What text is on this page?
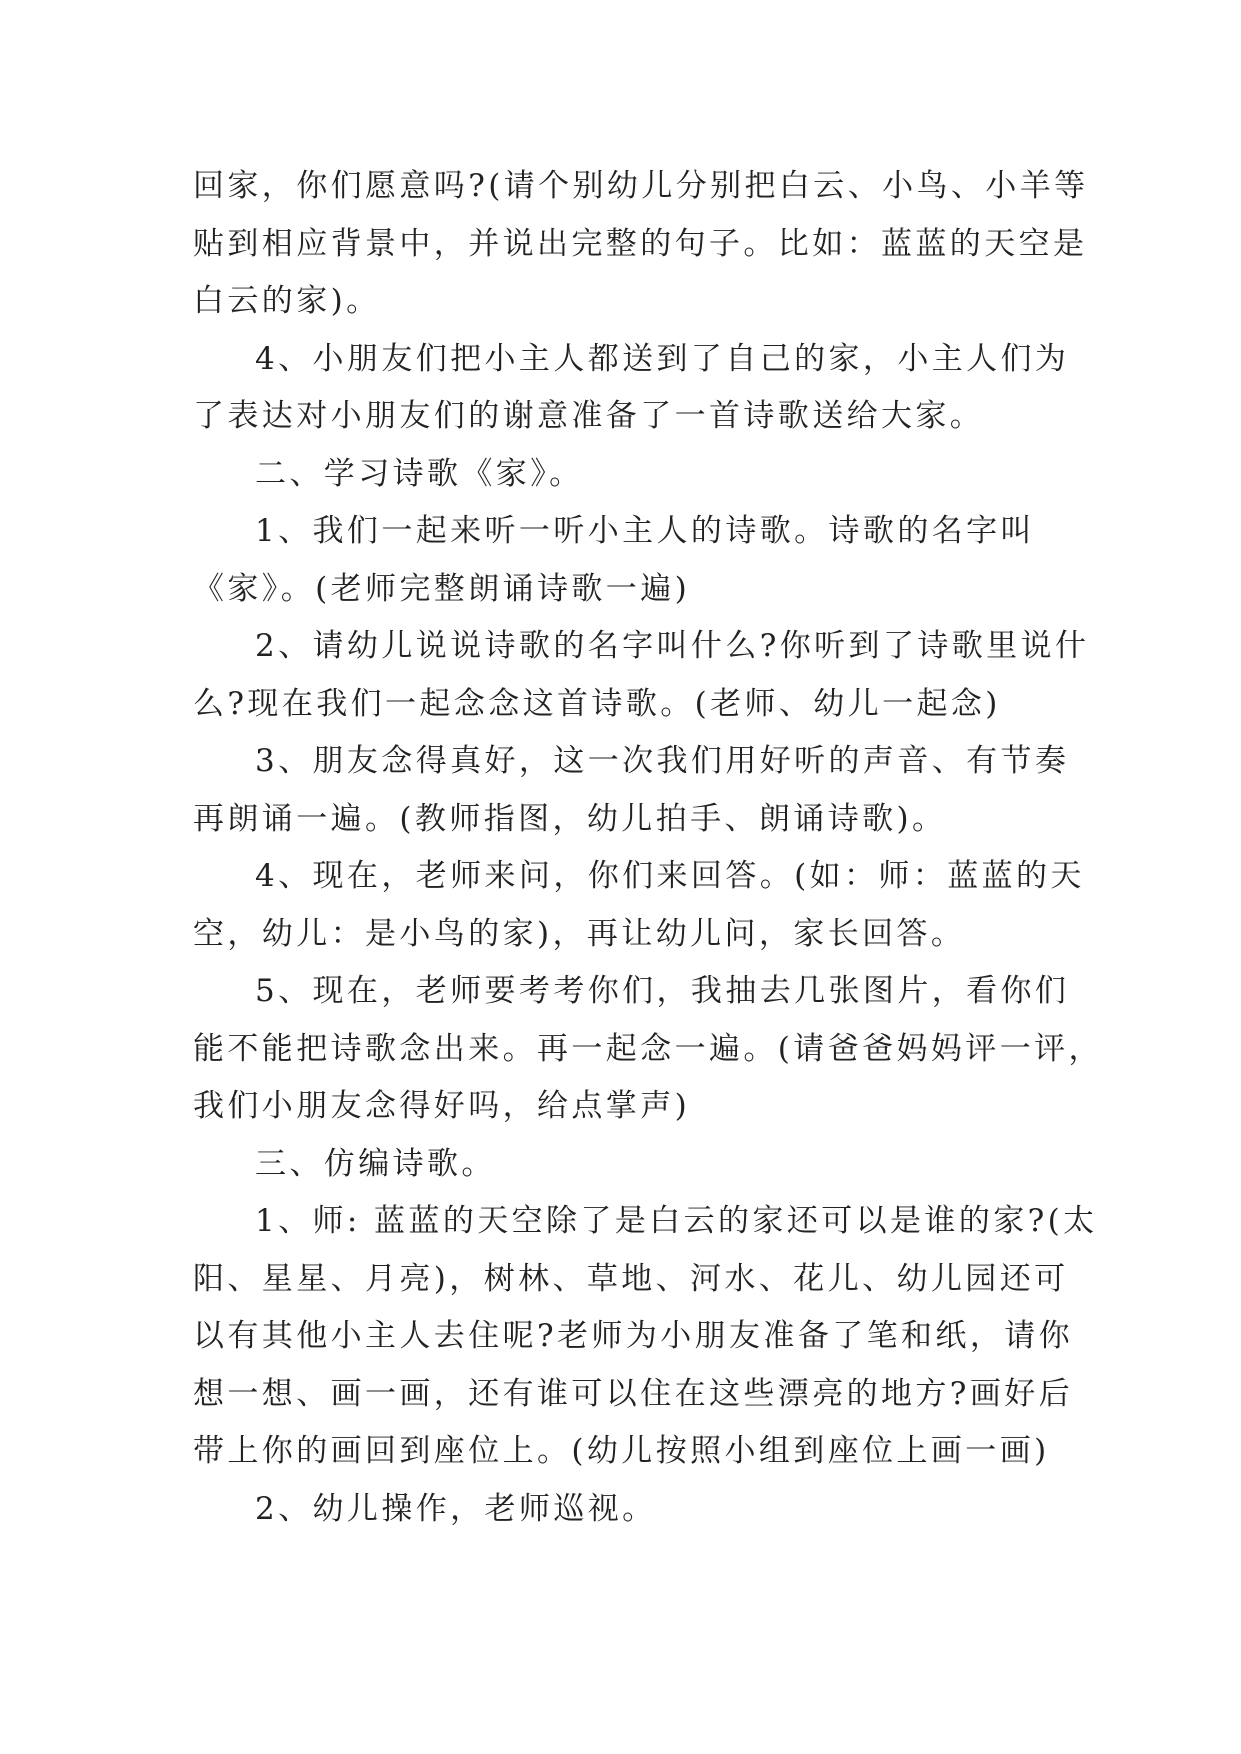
回家，你们愿意吗?(请个别幼儿分别把白云、小鸟、小羊等
贴到相应背景中，并说出完整的句子。比如：蓝蓝的天空是
白云的家)。
4、小朋友们把小主人都送到了自己的家，小主人们为
了表达对小朋友们的谢意准备了一首诗歌送给大家。
二、学习诗歌《家》。
1、我们一起来听一听小主人的诗歌。诗歌的名字叫
《家》。(老师完整朗诵诗歌一遍)
2、请幼儿说说诗歌的名字叫什么?你听到了诗歌里说什
么?现在我们一起念念这首诗歌。(老师、幼儿一起念)
3、朋友念得真好，这一次我们用好听的声音、有节奏
再朗诵一遍。(教师指图，幼儿拍手、朗诵诗歌)。
4、现在，老师来问，你们来回答。(如：师：蓝蓝的天
空，幼儿：是小鸟的家)，再让幼儿问，家长回答。
5、现在，老师要考考你们，我抽去几张图片，看你们
能不能把诗歌念出来。再一起念一遍。(请爸爸妈妈评一评，
我们小朋友念得好吗，给点掌声)
三、仿编诗歌。
1、师: 蓝蓝的天空除了是白云的家还可以是谁的家?(太
阳、星星、月亮)，树林、草地、河水、花儿、幼儿园还可
以有其他小主人去住呢?老师为小朋友准备了笔和纸，请你
想一想、画一画，还有谁可以住在这些漂亮的地方?画好后
带上你的画回到座位上。(幼儿按照小组到座位上画一画)
2、幼儿操作，老师巡视。
